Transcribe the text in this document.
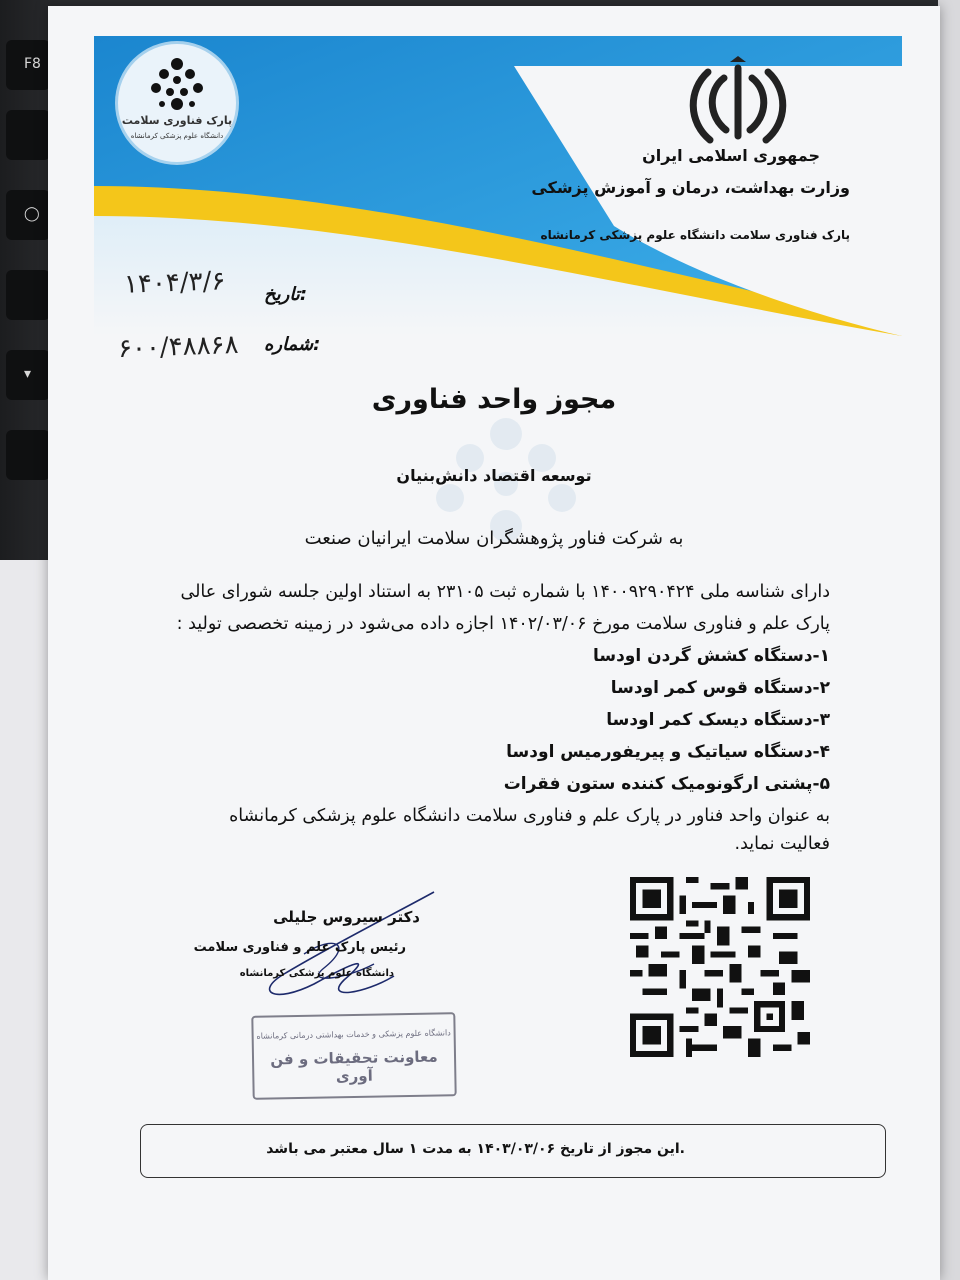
F8
◯
▾
پارک فناوری سلامت
دانشگاه علوم پزشکی کرمانشاه
جمهوری اسلامی ایران
وزارت بهداشت، درمان و آموزش پزشکی
پارک فناوری سلامت دانشگاه علوم پزشکی کرمانشاه
۱۴۰۴/۳/۶ تاریخ:
۶۰۰/۴۸۸۶۸ شماره:
مجوز واحد فناوری
توسعه اقتصاد دانش‌بنیان
به شرکت فناور پژوهشگران سلامت ایرانیان صنعت
دارای شناسه ملی ۱۴۰۰۹۲۹۰۴۲۴ با شماره ثبت ۲۳۱۰۵ به استناد اولین جلسه شورای عالی
پارک علم و فناوری سلامت مورخ ۱۴۰۲/۰۳/۰۶ اجازه داده می‌شود در زمینه تخصصی تولید :
۱-دستگاه کشش گردن اودسا
۲-دستگاه قوس کمر اودسا
۳-دستگاه دیسک کمر اودسا
۴-دستگاه سیاتیک و پیریفورمیس اودسا
۵-پشتی ارگونومیک کننده ستون فقرات
به عنوان واحد فناور در پارک علم و فناوری سلامت دانشگاه علوم پزشکی کرمانشاه فعالیت نماید.
دکتر سیروس جلیلی
رئیس پارک علم و فناوری سلامت
دانشگاه علوم پزشکی کرمانشاه
دانشگاه علوم پزشکی و خدمات بهداشتی درمانی کرمانشاه
معاونت تحقیقات و فن آوری
این مجوز از تاریخ ۱۴۰۳/۰۳/۰۶ به مدت ۱ سال معتبر می باشد.
